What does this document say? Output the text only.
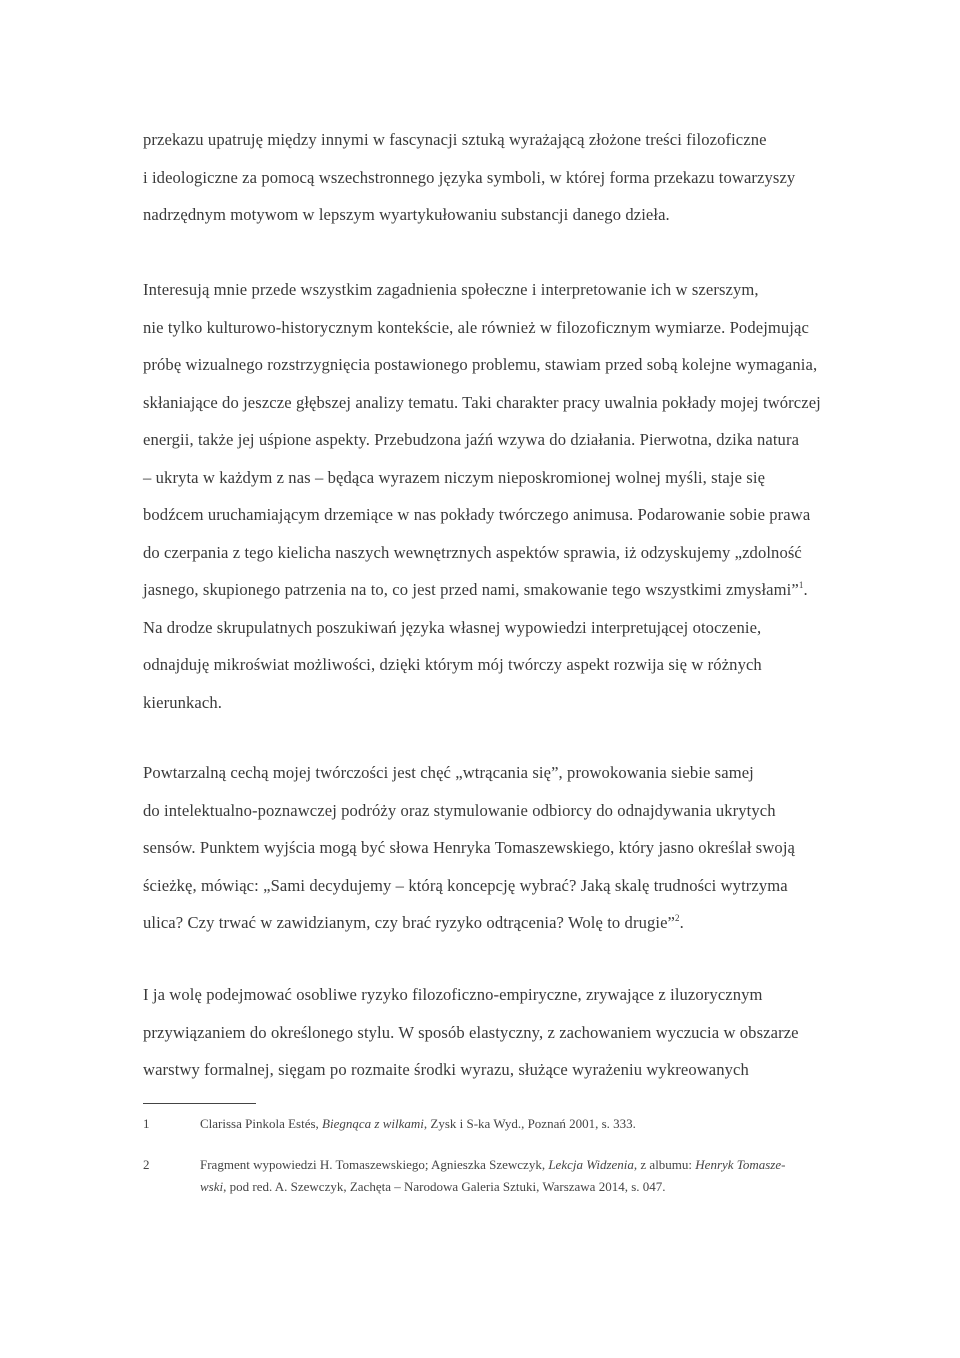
przekazu upatruję między innymi w fascynacji sztuką wyrażającą złożone treści filozoficzne
i ideologiczne za pomocą wszechstronnego języka symboli, w której forma przekazu towarzyszy
nadrzędnym motywom w lepszym wyartykułowaniu substancji danego dzieła.
Interesują mnie przede wszystkim zagadnienia społeczne i interpretowanie ich w szerszym,
nie tylko kulturowo-historycznym kontekście, ale również w filozoficznym wymiarze. Podejmując
próbę wizualnego rozstrzygnięcia postawionego problemu, stawiam przed sobą kolejne wymagania,
skłaniające do jeszcze głębszej analizy tematu. Taki charakter pracy uwalnia pokłady mojej twórczej
energii, także jej uśpione aspekty. Przebudzona jaźń wzywa do działania. Pierwotna, dzika natura
– ukryta w każdym z nas – będąca wyrazem niczym nieposkromionej wolnej myśli, staje się
bodźcem uruchamiającym drzemiące w nas pokłady twórczego animusa. Podarowanie sobie prawa
do czerpania z tego kielicha naszych wewnętrznych aspektów sprawia, iż odzyskujemy „zdolność
jasnego, skupionego patrzenia na to, co jest przed nami, smakowanie tego wszystkimi zmysłami”$^1$.
Na drodze skrupulatnych poszukiwań języka własnej wypowiedzi interpretującej otoczenie,
odnajduję mikroświat możliwości, dzięki którym mój twórczy aspekt rozwija się w różnych
kierunkach.
Powtarzalną cechą mojej twórczości jest chęć „wtrącania się”, prowokowania siebie samej
do intelektualno-poznawczej podróży oraz stymulowanie odbiorcy do odnajdywania ukrytych
sensów. Punktem wyjścia mogą być słowa Henryka Tomaszewskiego, który jasno określał swoją
ścieżkę, mówiąc: „Sami decydujemy – którą koncepcję wybrać? Jaką skalę trudności wytrzyma
ulica? Czy trwać w zawidzianym, czy brać ryzyko odtrącenia? Wolę to drugie”$^2$.
I ja wolę podejmować osobliwe ryzyko filozoficzno-empiryczne, zrywające z iluzorycznym
przywiązaniem do określonego stylu. W sposób elastyczny, z zachowaniem wyczucia w obszarze
warstwy formalnej, sięgam po rozmaite środki wyrazu, służące wyrażeniu wykreowanych
1	Clarissa Pinkola Estés, Biegnąca z wilkami, Zysk i S-ka Wyd., Poznań 2001, s. 333.
2	Fragment wypowiedzi H. Tomaszewskiego; Agnieszka Szewczyk, Lekcja Widzenia, z albumu: Henryk Tomasze-
wski, pod red. A. Szewczyk, Zachęta – Narodowa Galeria Sztuki, Warszawa 2014, s. 047.
